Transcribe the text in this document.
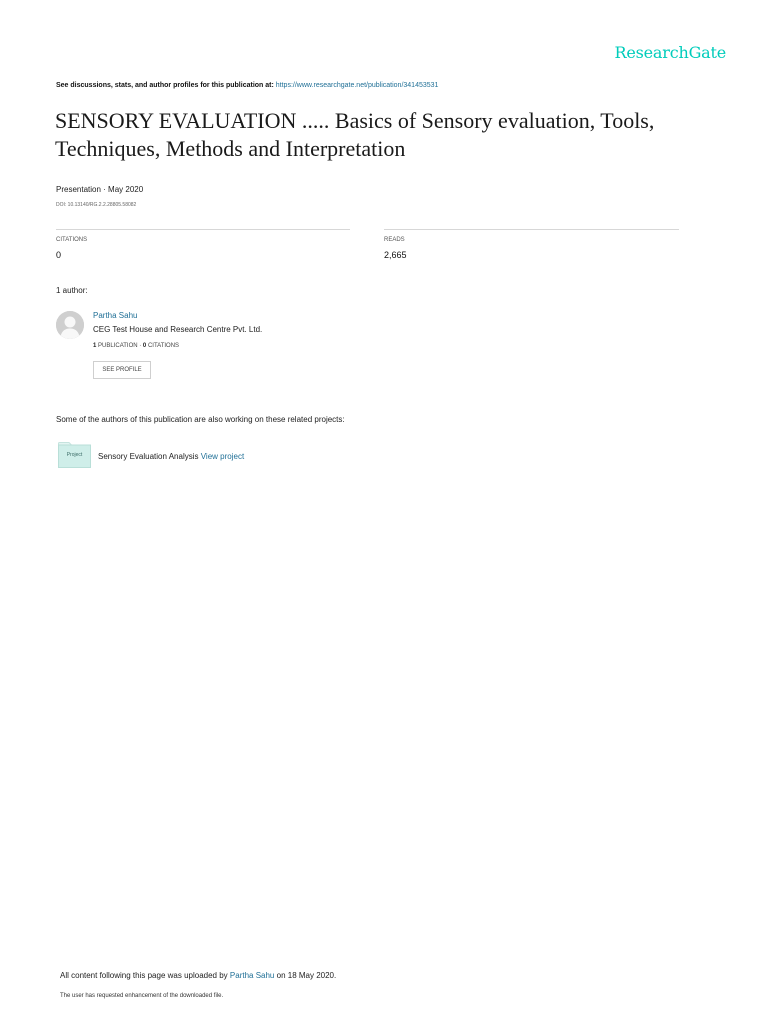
ResearchGate
See discussions, stats, and author profiles for this publication at: https://www.researchgate.net/publication/341453531
SENSORY EVALUATION ..... Basics of Sensory evaluation, Tools, Techniques, Methods and Interpretation
Presentation · May 2020
DOI: 10.13140/RG.2.2.28805.58082
CITATIONS
0
READS
2,665
1 author:
Partha Sahu
CEG Test House and Research Centre Pvt. Ltd.
1 PUBLICATION · 0 CITATIONS
SEE PROFILE
Some of the authors of this publication are also working on these related projects:
Project	Sensory Evaluation Analysis View project
All content following this page was uploaded by Partha Sahu on 18 May 2020.
The user has requested enhancement of the downloaded file.
